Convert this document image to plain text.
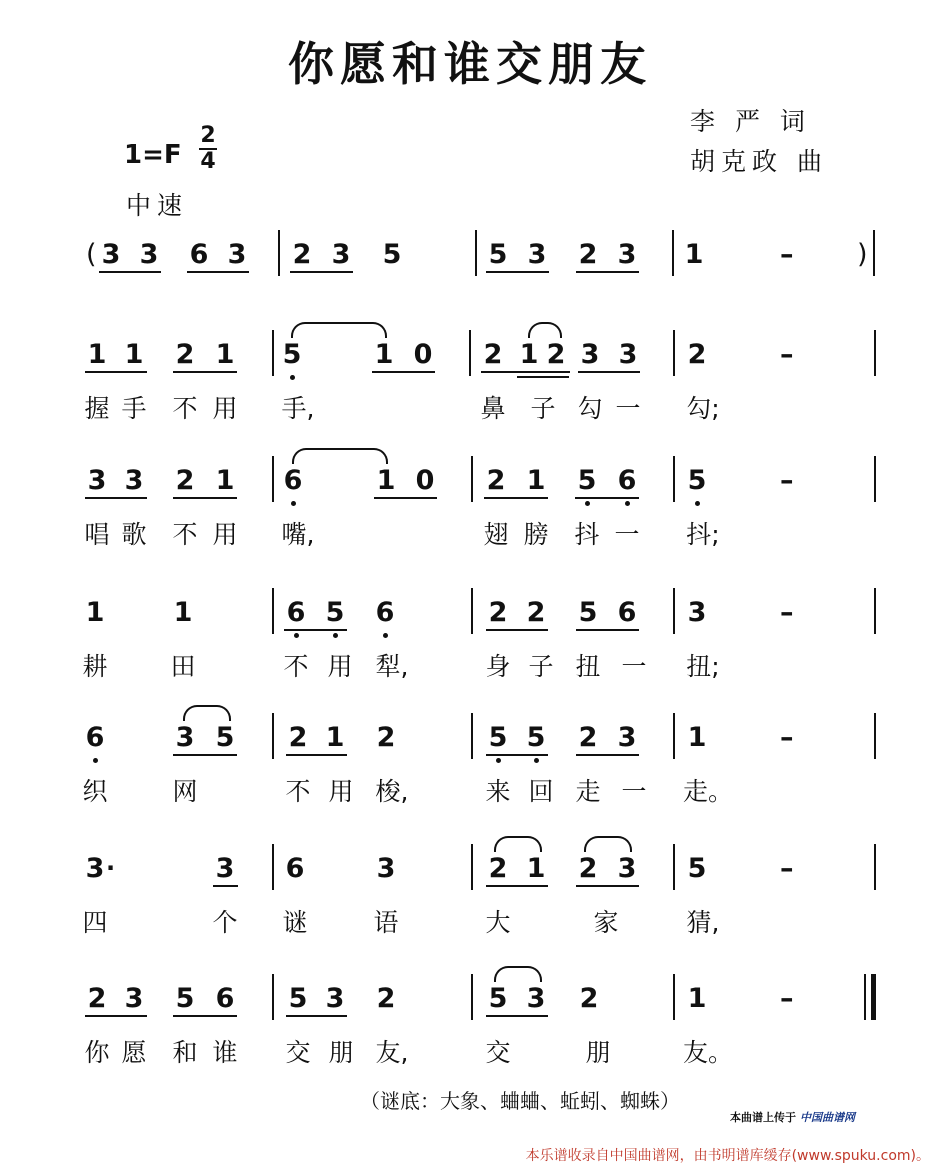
你愿和谁交朋友
李 严 词
胡克政 曲
$1=F \frac{2}{4}$
中速
( 3 3 6 3 2 3 5	5 3 2 3 1	– )
1 1 2 1 5	1 0 2 1 2 3 3 2	–
握 手	不 用	手,	鼻 子 勾 一	勾;
3 3 2 1 6	1 0 2 1 5 6 5	–
唱 歌	不 用	嘴,	翅 膀	抖 一	抖;
1	1	6 5 6	2 2 5 6 3	–
耕	田	不 用 犁,	身 子 扭 一	扭;
6	3 5 2 1 2	5 5 2 3 1	–
织	网	不 用 梭,	来 回 走 一	走。
3 ·	3 6	3	2 1 2 3 5	–
四	个	谜	语	大	家	猜,
2 3 5 6 5 3 2	5 3 2	1	–
你 愿	和 谁	交 朋 友,	交	朋	友。
（谜底：大象、蛐蛐、蚯蚓、蜘蛛）
本曲谱上传于 中国曲谱网
本乐谱收录自中国曲谱网，由书明谱库缓存(www.spuku.com)。
